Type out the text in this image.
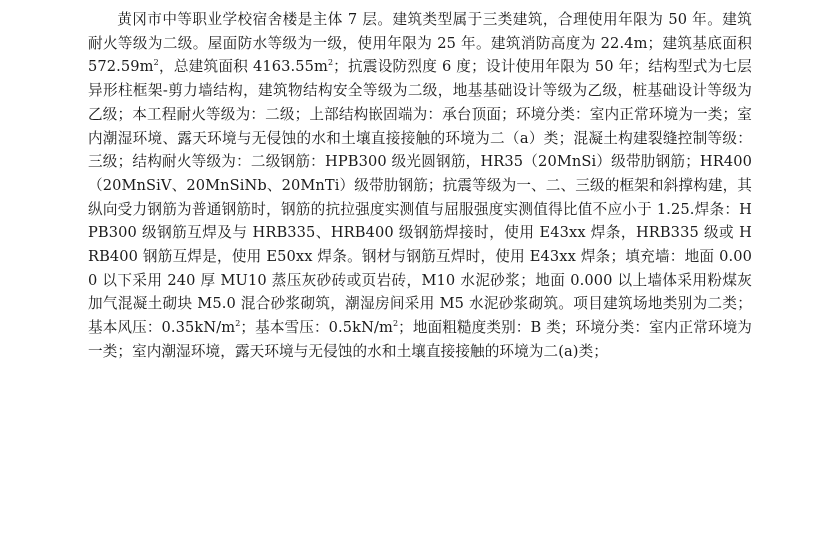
黄冈市中等职业学校宿舍楼是主体 7 层。建筑类型属于三类建筑，合理使用年限为 50 年。建筑耐火等级为二级。屋面防水等级为一级，使用年限为 25 年。建筑消防高度为 22.4m；建筑基底面积 $572.59m^2$，总建筑面积 $4163.55m^2$；抗震设防烈度 6 度；设计使用年限为 50 年；结构型式为七层异形柱框架-剪力墙结构，建筑物结构安全等级为二级，地基基础设计等级为乙级，桩基础设计等级为乙级；本工程耐火等级为：二级；上部结构嵌固端为：承台顶面；环境分类：室内正常环境为一类；室内潮湿环境、露天环境与无侵蚀的水和土壤直接接触的环境为二（a）类；混凝土构建裂缝控制等级：三级；结构耐火等级为：二级钢筋：HPB300 级光圆钢筋，HR35（20MnSi）级带肋钢筋；HR400（20MnSiV、20MnSiNb、20MnTi）级带肋钢筋；抗震等级为一、二、三级的框架和斜撑构建，其纵向受力钢筋为普通钢筋时，钢筋的抗拉强度实测值与屈服强度实测值得比值不应小于 1.25.焊条：HPB300 级钢筋互焊及与 HRB335、HRB400 级钢筋焊接时，使用 E43xx 焊条，HRB335 级或 HRB400 钢筋互焊是，使用 E50xx 焊条。钢材与钢筋互焊时，使用 E43xx 焊条；填充墙：地面 0.000 以下采用 240 厚 MU10 蒸压灰砂砖或页岩砖，M10 水泥砂浆；地面 0.000 以上墙体采用粉煤灰加气混凝土砌块 M5.0 混合砂浆砌筑，潮湿房间采用 M5 水泥砂浆砌筑。项目建筑场地类别为二类；基本风压：$0.35kN/m^2$；基本雪压：$0.5kN/m^2$；地面粗糙度类别：B 类；环境分类：室内正常环境为一类；室内潮湿环境，露天环境与无侵蚀的水和土壤直接接触的环境为二(a)类；
